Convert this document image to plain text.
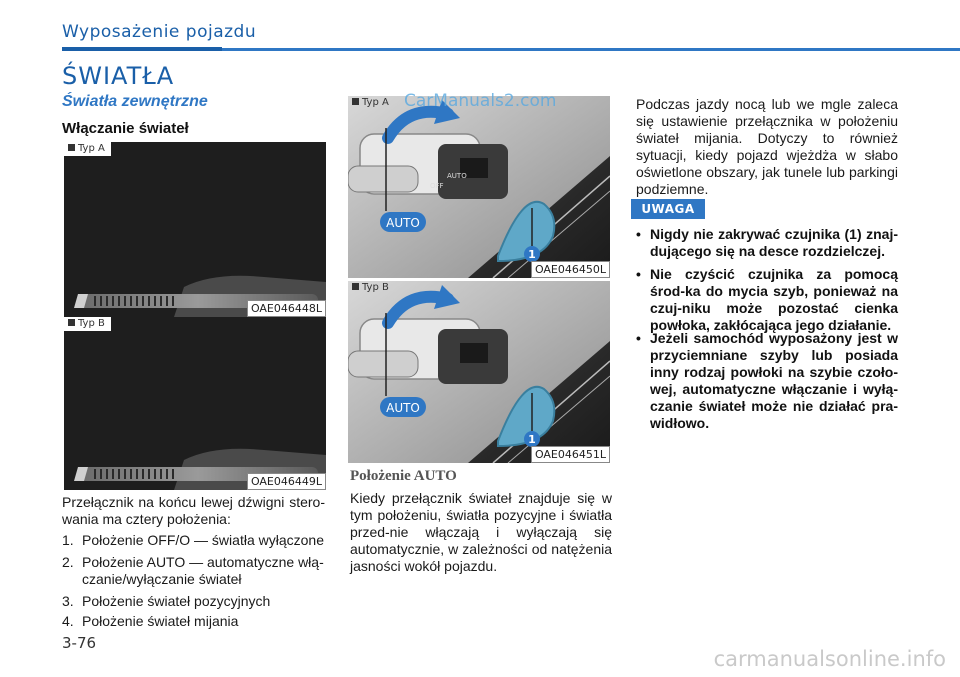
Wyposażenie pojazdu
ŚWIATŁA
Światła zewnętrzne
Włączanie świateł
Typ A
OAE046448L
Typ B
OAE046449L
AUTO
OFF
1
AUTO
Typ A
OAE046450L
1
AUTO
Typ B
OAE046451L
CarManuals2.com
Przełącznik na końcu lewej dźwigni stero-wania ma cztery położenia:
1. Położenie OFF/O — światła wyłączone
2. Położenie AUTO — automatyczne włą-
czanie/wyłączanie świateł
3. Położenie świateł pozycyjnych
4. Położenie świateł mijania
Położenie AUTO
Kiedy przełącznik świateł znajduje się w tym położeniu, światła pozycyjne i światła przed-nie włączają i wyłączają się automatycznie, w zależności od natężenia jasności wokół pojazdu.
Podczas jazdy nocą lub we mgle zaleca się ustawienie przełącznika w położeniu świateł mijania. Dotyczy to również sytuacji, kiedy pojazd wjeżdża w słabo oświetlone obszary, jak tunele lub parkingi podziemne.
UWAGA
• Nigdy nie zakrywać czujnika (1) znaj-dującego się na desce rozdzielczej.
• Nie czyścić czujnika za pomocą środ-ka do mycia szyb, ponieważ na czuj-niku może pozostać cienka powłoka, zakłócająca jego działanie.
• Jeżeli samochód wyposażony jest w przyciemniane szyby lub posiada inny rodzaj powłoki na szybie czoło-wej, automatyczne włączanie i wyłą-czanie świateł może nie działać pra-widłowo.
3-76
carmanualsonline.info
